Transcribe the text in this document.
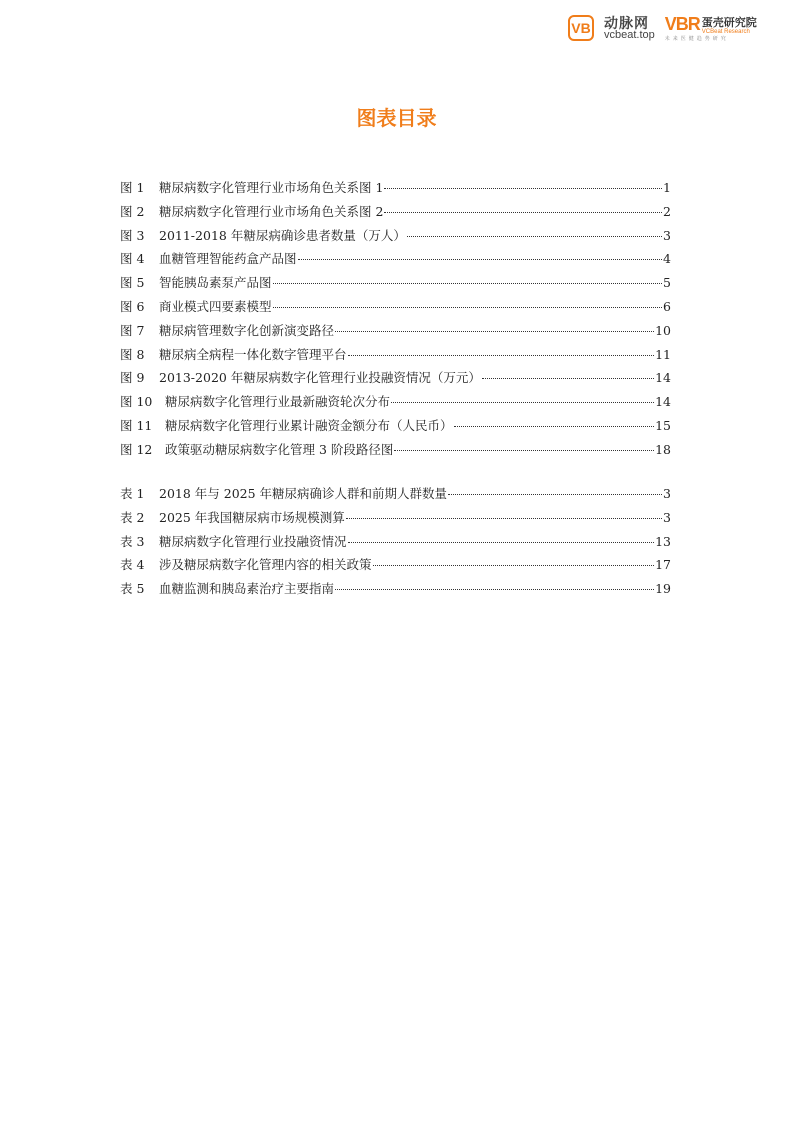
VB 动脉网
vcbeat.top
VBR 蛋壳研究院
VCBeat Research
未来医健趋势研究
图表目录
图 1	糖尿病数字化管理行业市场角色关系图 1	1
图 2	糖尿病数字化管理行业市场角色关系图 2	2
图 3	2011-2018 年糖尿病确诊患者数量（万人）	3
图 4	血糖管理智能药盒产品图	4
图 5	智能胰岛素泵产品图	5
图 6	商业模式四要素模型	6
图 7	糖尿病管理数字化创新演变路径	10
图 8	糖尿病全病程一体化数字管理平台	11
图 9	2013-2020 年糖尿病数字化管理行业投融资情况（万元）	14
图 10	糖尿病数字化管理行业最新融资轮次分布	14
图 11	糖尿病数字化管理行业累计融资金额分布（人民币）	15
图 12	政策驱动糖尿病数字化管理 3 阶段路径图	18
表 1	2018 年与 2025 年糖尿病确诊人群和前期人群数量	3
表 2	2025 年我国糖尿病市场规模测算	3
表 3	糖尿病数字化管理行业投融资情况	13
表 4	涉及糖尿病数字化管理内容的相关政策	17
表 5	血糖监测和胰岛素治疗主要指南	19
